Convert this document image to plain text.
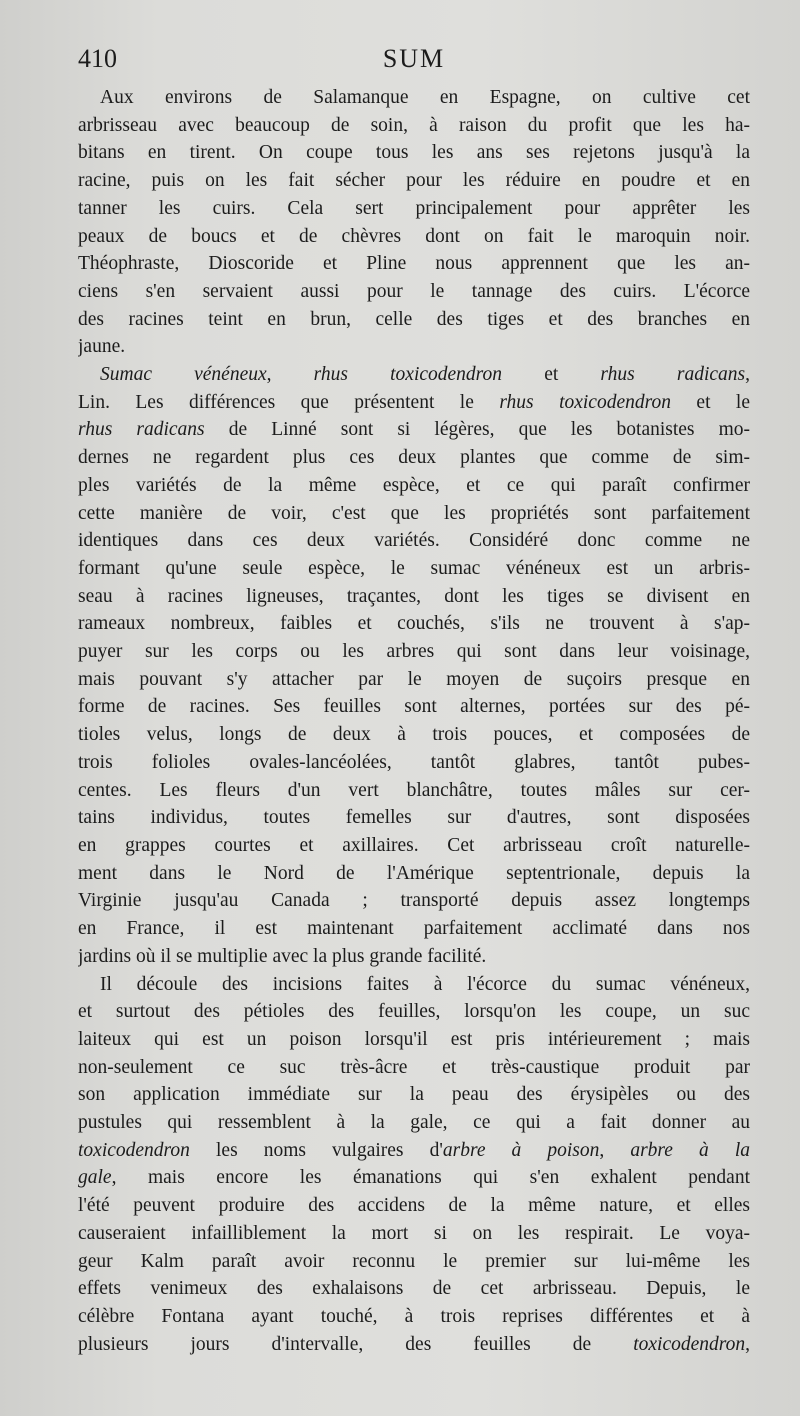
410	SUM

Aux environs de Salamanque en Espagne, on cultive cet
arbrisseau avec beaucoup de soin, à raison du profit que les ha-
bitans en tirent. On coupe tous les ans ses rejetons jusqu'à la
racine, puis on les fait sécher pour les réduire en poudre et en
tanner les cuirs. Cela sert principalement pour apprêter les
peaux de boucs et de chèvres dont on fait le maroquin noir.
Théophraste, Dioscoride et Pline nous apprennent que les an-
ciens s'en servaient aussi pour le tannage des cuirs. L'écorce
des racines teint en brun, celle des tiges et des branches en
jaune.

Sumac vénéneux, rhus toxicodendron et rhus radicans,
Lin. Les différences que présentent le rhus toxicodendron et le
rhus radicans de Linné sont si légères, que les botanistes mo-
dernes ne regardent plus ces deux plantes que comme de sim-
ples variétés de la même espèce, et ce qui paraît confirmer
cette manière de voir, c'est que les propriétés sont parfaitement
identiques dans ces deux variétés. Considéré donc comme ne
formant qu'une seule espèce, le sumac vénéneux est un arbris-
seau à racines ligneuses, traçantes, dont les tiges se divisent en
rameaux nombreux, faibles et couchés, s'ils ne trouvent à s'ap-
puyer sur les corps ou les arbres qui sont dans leur voisinage,
mais pouvant s'y attacher par le moyen de suçoirs presque en
forme de racines. Ses feuilles sont alternes, portées sur des pé-
tioles velus, longs de deux à trois pouces, et composées de
trois folioles ovales-lancéolées, tantôt glabres, tantôt pubes-
centes. Les fleurs d'un vert blanchâtre, toutes mâles sur cer-
tains individus, toutes femelles sur d'autres, sont disposées
en grappes courtes et axillaires. Cet arbrisseau croît naturelle-
ment dans le Nord de l'Amérique septentrionale, depuis la
Virginie jusqu'au Canada ; transporté depuis assez longtemps
en France, il est maintenant parfaitement acclimaté dans nos
jardins où il se multiplie avec la plus grande facilité.

Il découle des incisions faites à l'écorce du sumac vénéneux,
et surtout des pétioles des feuilles, lorsqu'on les coupe, un suc
laiteux qui est un poison lorsqu'il est pris intérieurement ; mais
non-seulement ce suc très-âcre et très-caustique produit par
son application immédiate sur la peau des érysipèles ou des
pustules qui ressemblent à la gale, ce qui a fait donner au
toxicodendron les noms vulgaires d'arbre à poison, arbre à la
gale, mais encore les émanations qui s'en exhalent pendant
l'été peuvent produire des accidens de la même nature, et elles
causeraient infailliblement la mort si on les respirait. Le voya-
geur Kalm paraît avoir reconnu le premier sur lui-même les
effets venimeux des exhalaisons de cet arbrisseau. Depuis, le
célèbre Fontana ayant touché, à trois reprises différentes et à
plusieurs jours d'intervalle, des feuilles de toxicodendron,
